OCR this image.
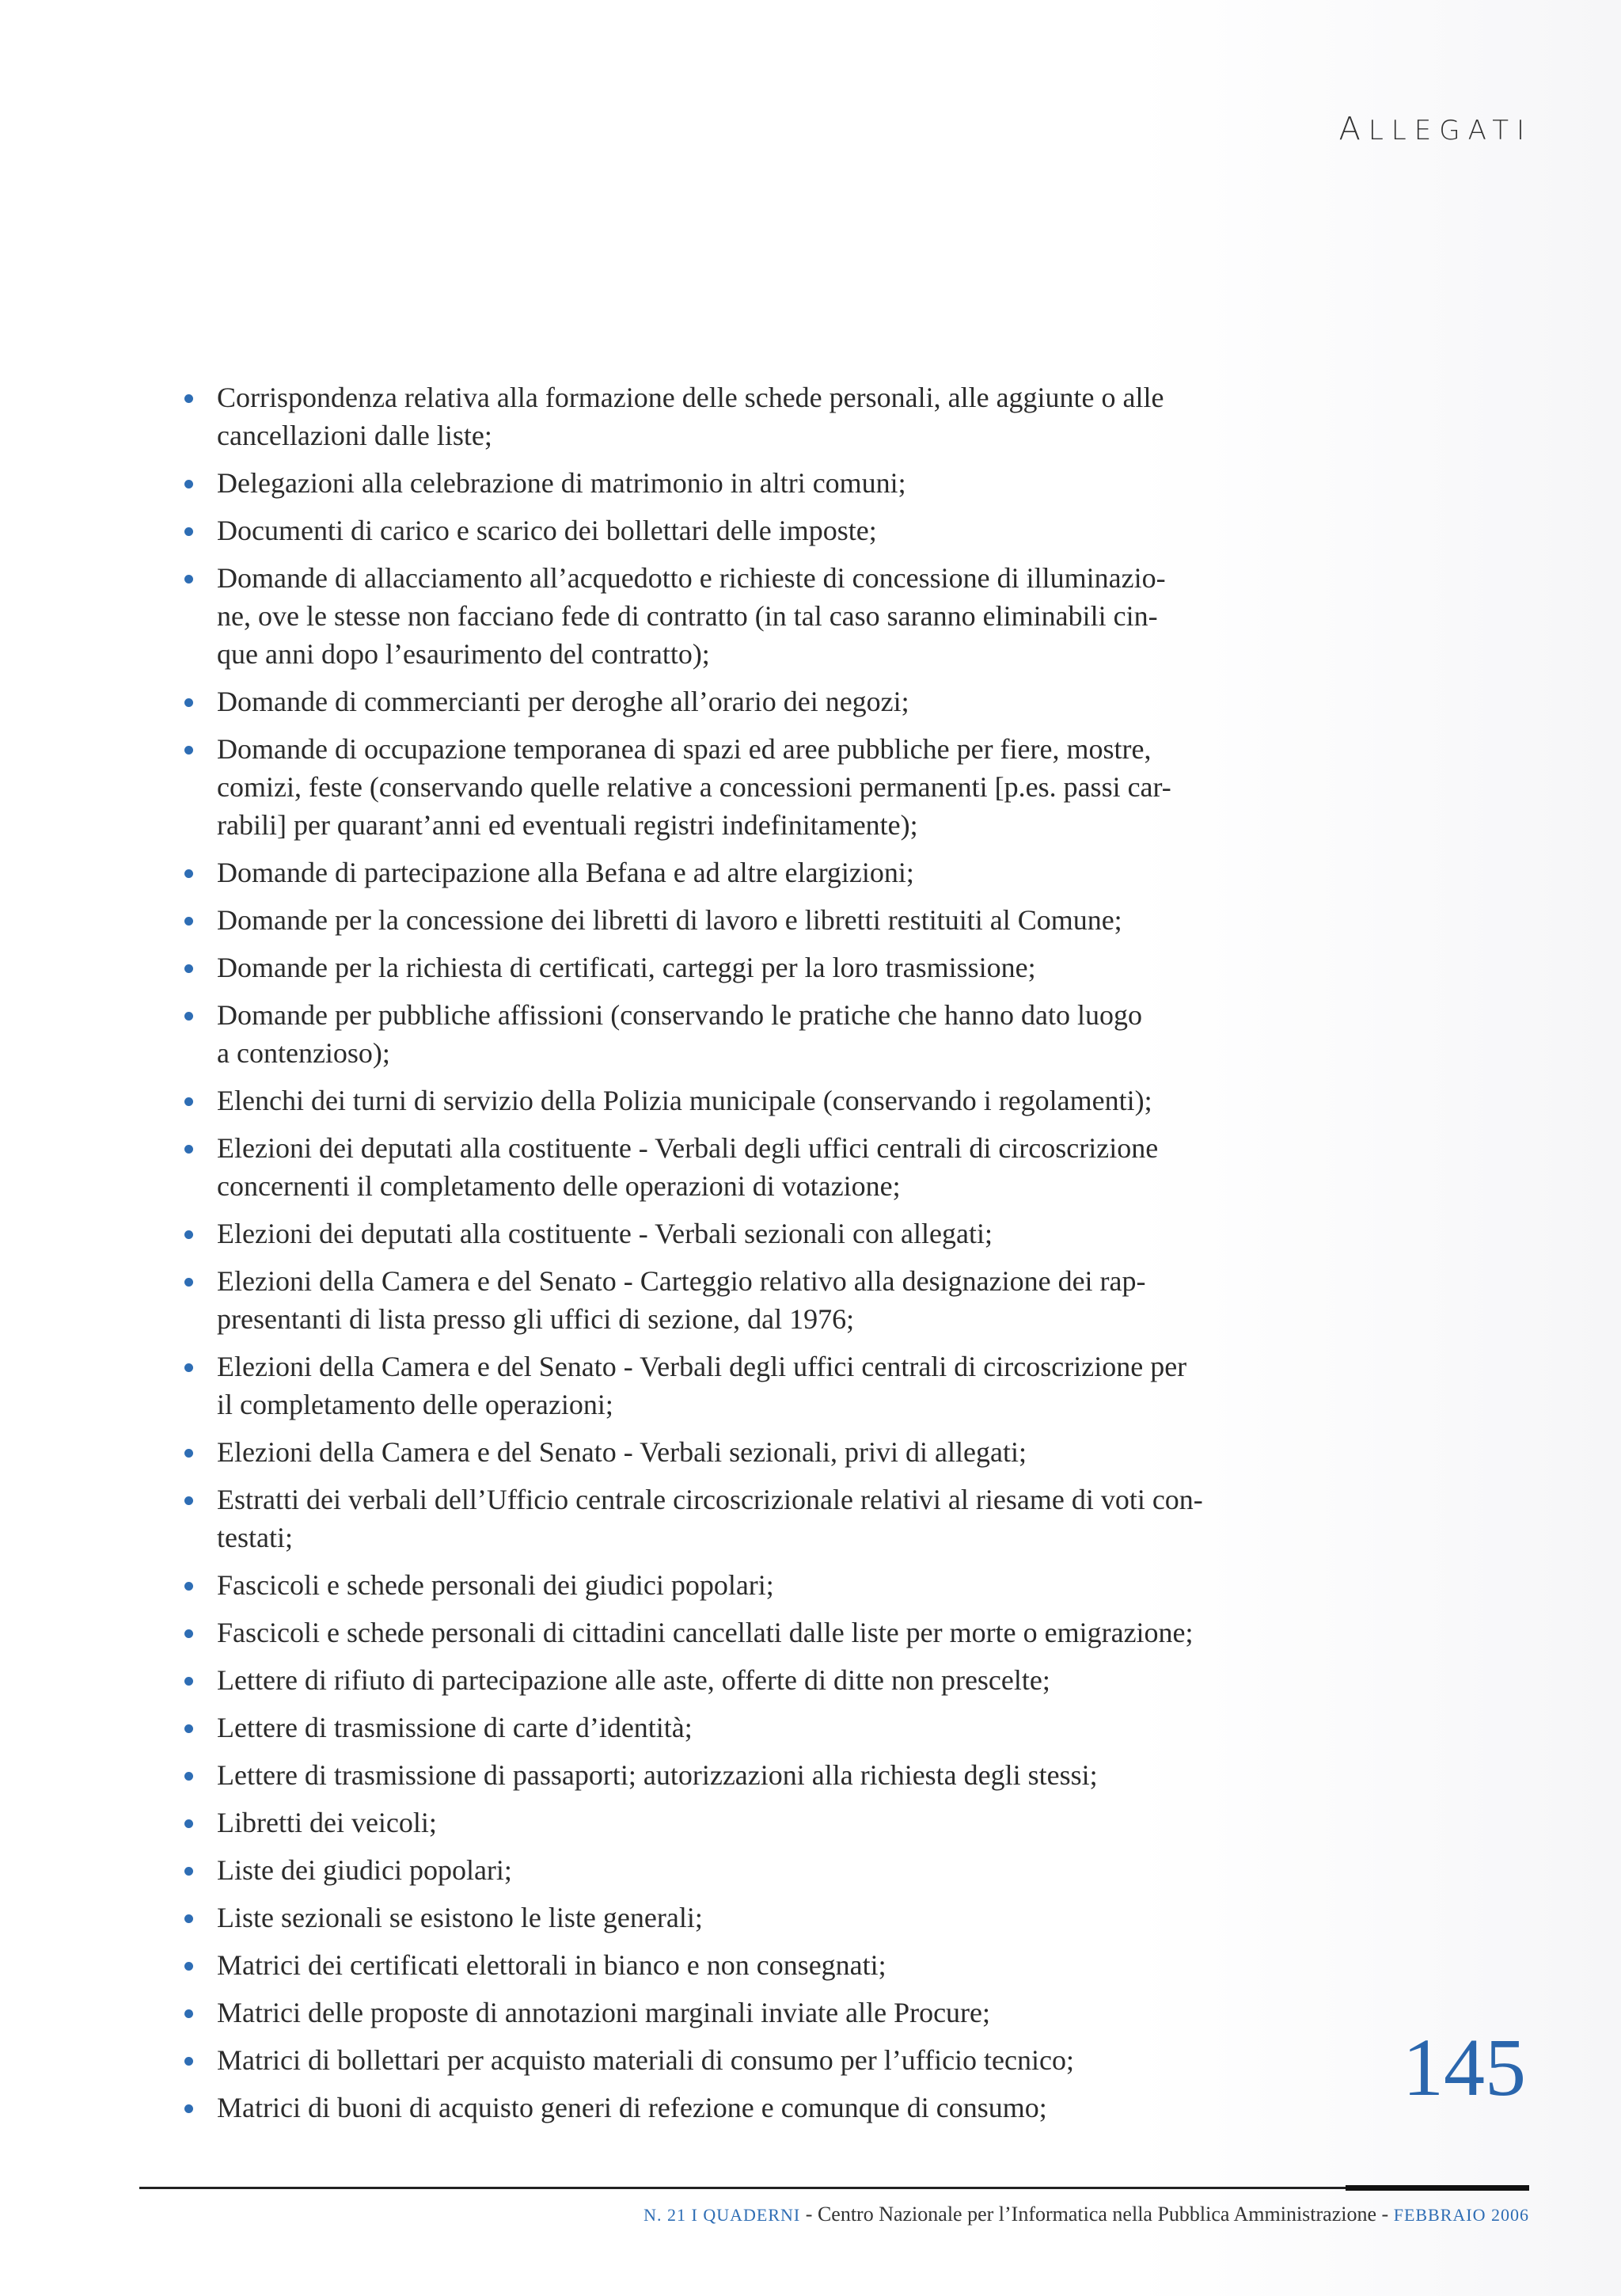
ALLEGATI
Corrispondenza relativa alla formazione delle schede personali, alle aggiunte o alle
cancellazioni dalle liste;
Delegazioni alla celebrazione di matrimonio in altri comuni;
Documenti di carico e scarico dei bollettari delle imposte;
Domande di allacciamento all’acquedotto e richieste di concessione di illuminazio-
ne, ove le stesse non facciano fede di contratto (in tal caso saranno eliminabili cin-
que anni dopo l’esaurimento del contratto);
Domande di commercianti per deroghe all’orario dei negozi;
Domande di occupazione temporanea di spazi ed aree pubbliche per fiere, mostre,
comizi, feste (conservando quelle relative a concessioni permanenti [p.es. passi car-
rabili] per quarant’anni ed eventuali registri indefinitamente);
Domande di partecipazione alla Befana e ad altre elargizioni;
Domande per la concessione dei libretti di lavoro e libretti restituiti al Comune;
Domande per la richiesta di certificati, carteggi per la loro trasmissione;
Domande per pubbliche affissioni (conservando le pratiche che hanno dato luogo
a contenzioso);
Elenchi dei turni di servizio della Polizia municipale (conservando i regolamenti);
Elezioni dei deputati alla costituente - Verbali degli uffici centrali di circoscrizione
concernenti il completamento delle operazioni di votazione;
Elezioni dei deputati alla costituente - Verbali sezionali con allegati;
Elezioni della Camera e del Senato - Carteggio relativo alla designazione dei rap-
presentanti di lista presso gli uffici di sezione, dal 1976;
Elezioni della Camera e del Senato - Verbali degli uffici centrali di circoscrizione per
il completamento delle operazioni;
Elezioni della Camera e del Senato - Verbali sezionali, privi di allegati;
Estratti dei verbali dell’Ufficio centrale circoscrizionale relativi al riesame di voti con-
testati;
Fascicoli e schede personali dei giudici popolari;
Fascicoli e schede personali di cittadini cancellati dalle liste per morte o emigrazione;
Lettere di rifiuto di partecipazione alle aste, offerte di ditte non prescelte;
Lettere di trasmissione di carte d’identità;
Lettere di trasmissione di passaporti; autorizzazioni alla richiesta degli stessi;
Libretti dei veicoli;
Liste dei giudici popolari;
Liste sezionali se esistono le liste generali;
Matrici dei certificati elettorali in bianco e non consegnati;
Matrici delle proposte di annotazioni marginali inviate alle Procure;
Matrici di bollettari per acquisto materiali di consumo per l’ufficio tecnico;
Matrici di buoni di acquisto generi di refezione e comunque di consumo;	145
N. 21 I QUADERNI - Centro Nazionale per l’Informatica nella Pubblica Amministrazione - FEBBRAIO 2006
